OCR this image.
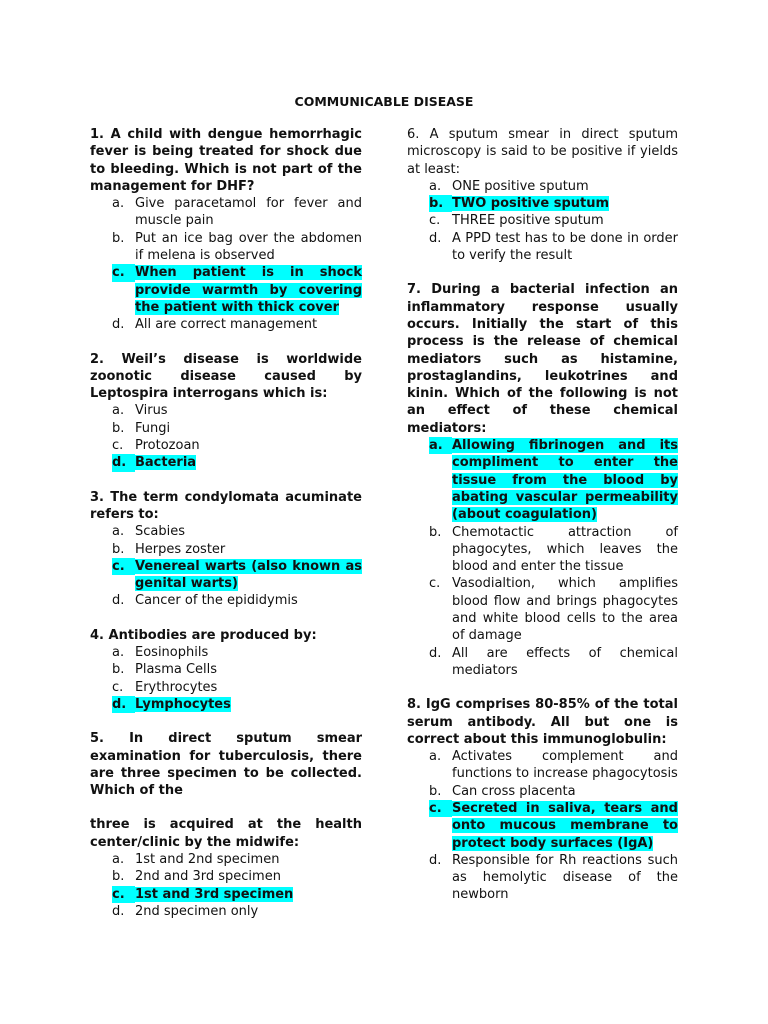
COMMUNICABLE DISEASE
1. A child with dengue hemorrhagic fever is being treated for shock due to bleeding. Which is not part of the management for DHF?
a. Give paracetamol for fever and muscle pain
b. Put an ice bag over the abdomen if melena is observed
c. When patient is in shock provide warmth by covering the patient with thick cover
d. All are correct management
2. Weil’s disease is worldwide zoonotic disease caused by Leptospira interrogans which is:
a. Virus
b. Fungi
c. Protozoan
d. Bacteria
3. The term condylomata acuminate refers to:
a. Scabies
b. Herpes zoster
c. Venereal warts (also known as genital warts)
d. Cancer of the epididymis
4. Antibodies are produced by:
a. Eosinophils
b. Plasma Cells
c. Erythrocytes
d. Lymphocytes
5. In direct sputum smear examination for tuberculosis, there are three specimen to be collected. Which of the
three is acquired at the health center/clinic by the midwife:
a. 1st and 2nd specimen
b. 2nd and 3rd specimen
c. 1st and 3rd specimen
d. 2nd specimen only
6. A sputum smear in direct sputum microscopy is said to be positive if yields at least:
a. ONE positive sputum
b. TWO positive sputum
c. THREE positive sputum
d. A PPD test has to be done in order to verify the result
7. During a bacterial infection an inflammatory response usually occurs. Initially the start of this process is the release of chemical mediators such as histamine, prostaglandins, leukotrines and kinin. Which of the following is not an effect of these chemical mediators:
a. Allowing fibrinogen and its compliment to enter the tissue from the blood by abating vascular permeability (about coagulation)
b. Chemotactic attraction of phagocytes, which leaves the blood and enter the tissue
c. Vasodialtion, which amplifies blood flow and brings phagocytes and white blood cells to the area of damage
d. All are effects of chemical mediators
8. IgG comprises 80-85% of the total serum antibody. All but one is correct about this immunoglobulin:
a. Activates complement and functions to increase phagocytosis
b. Can cross placenta
c. Secreted in saliva, tears and onto mucous membrane to protect body surfaces (IgA)
d. Responsible for Rh reactions such as hemolytic disease of the newborn
